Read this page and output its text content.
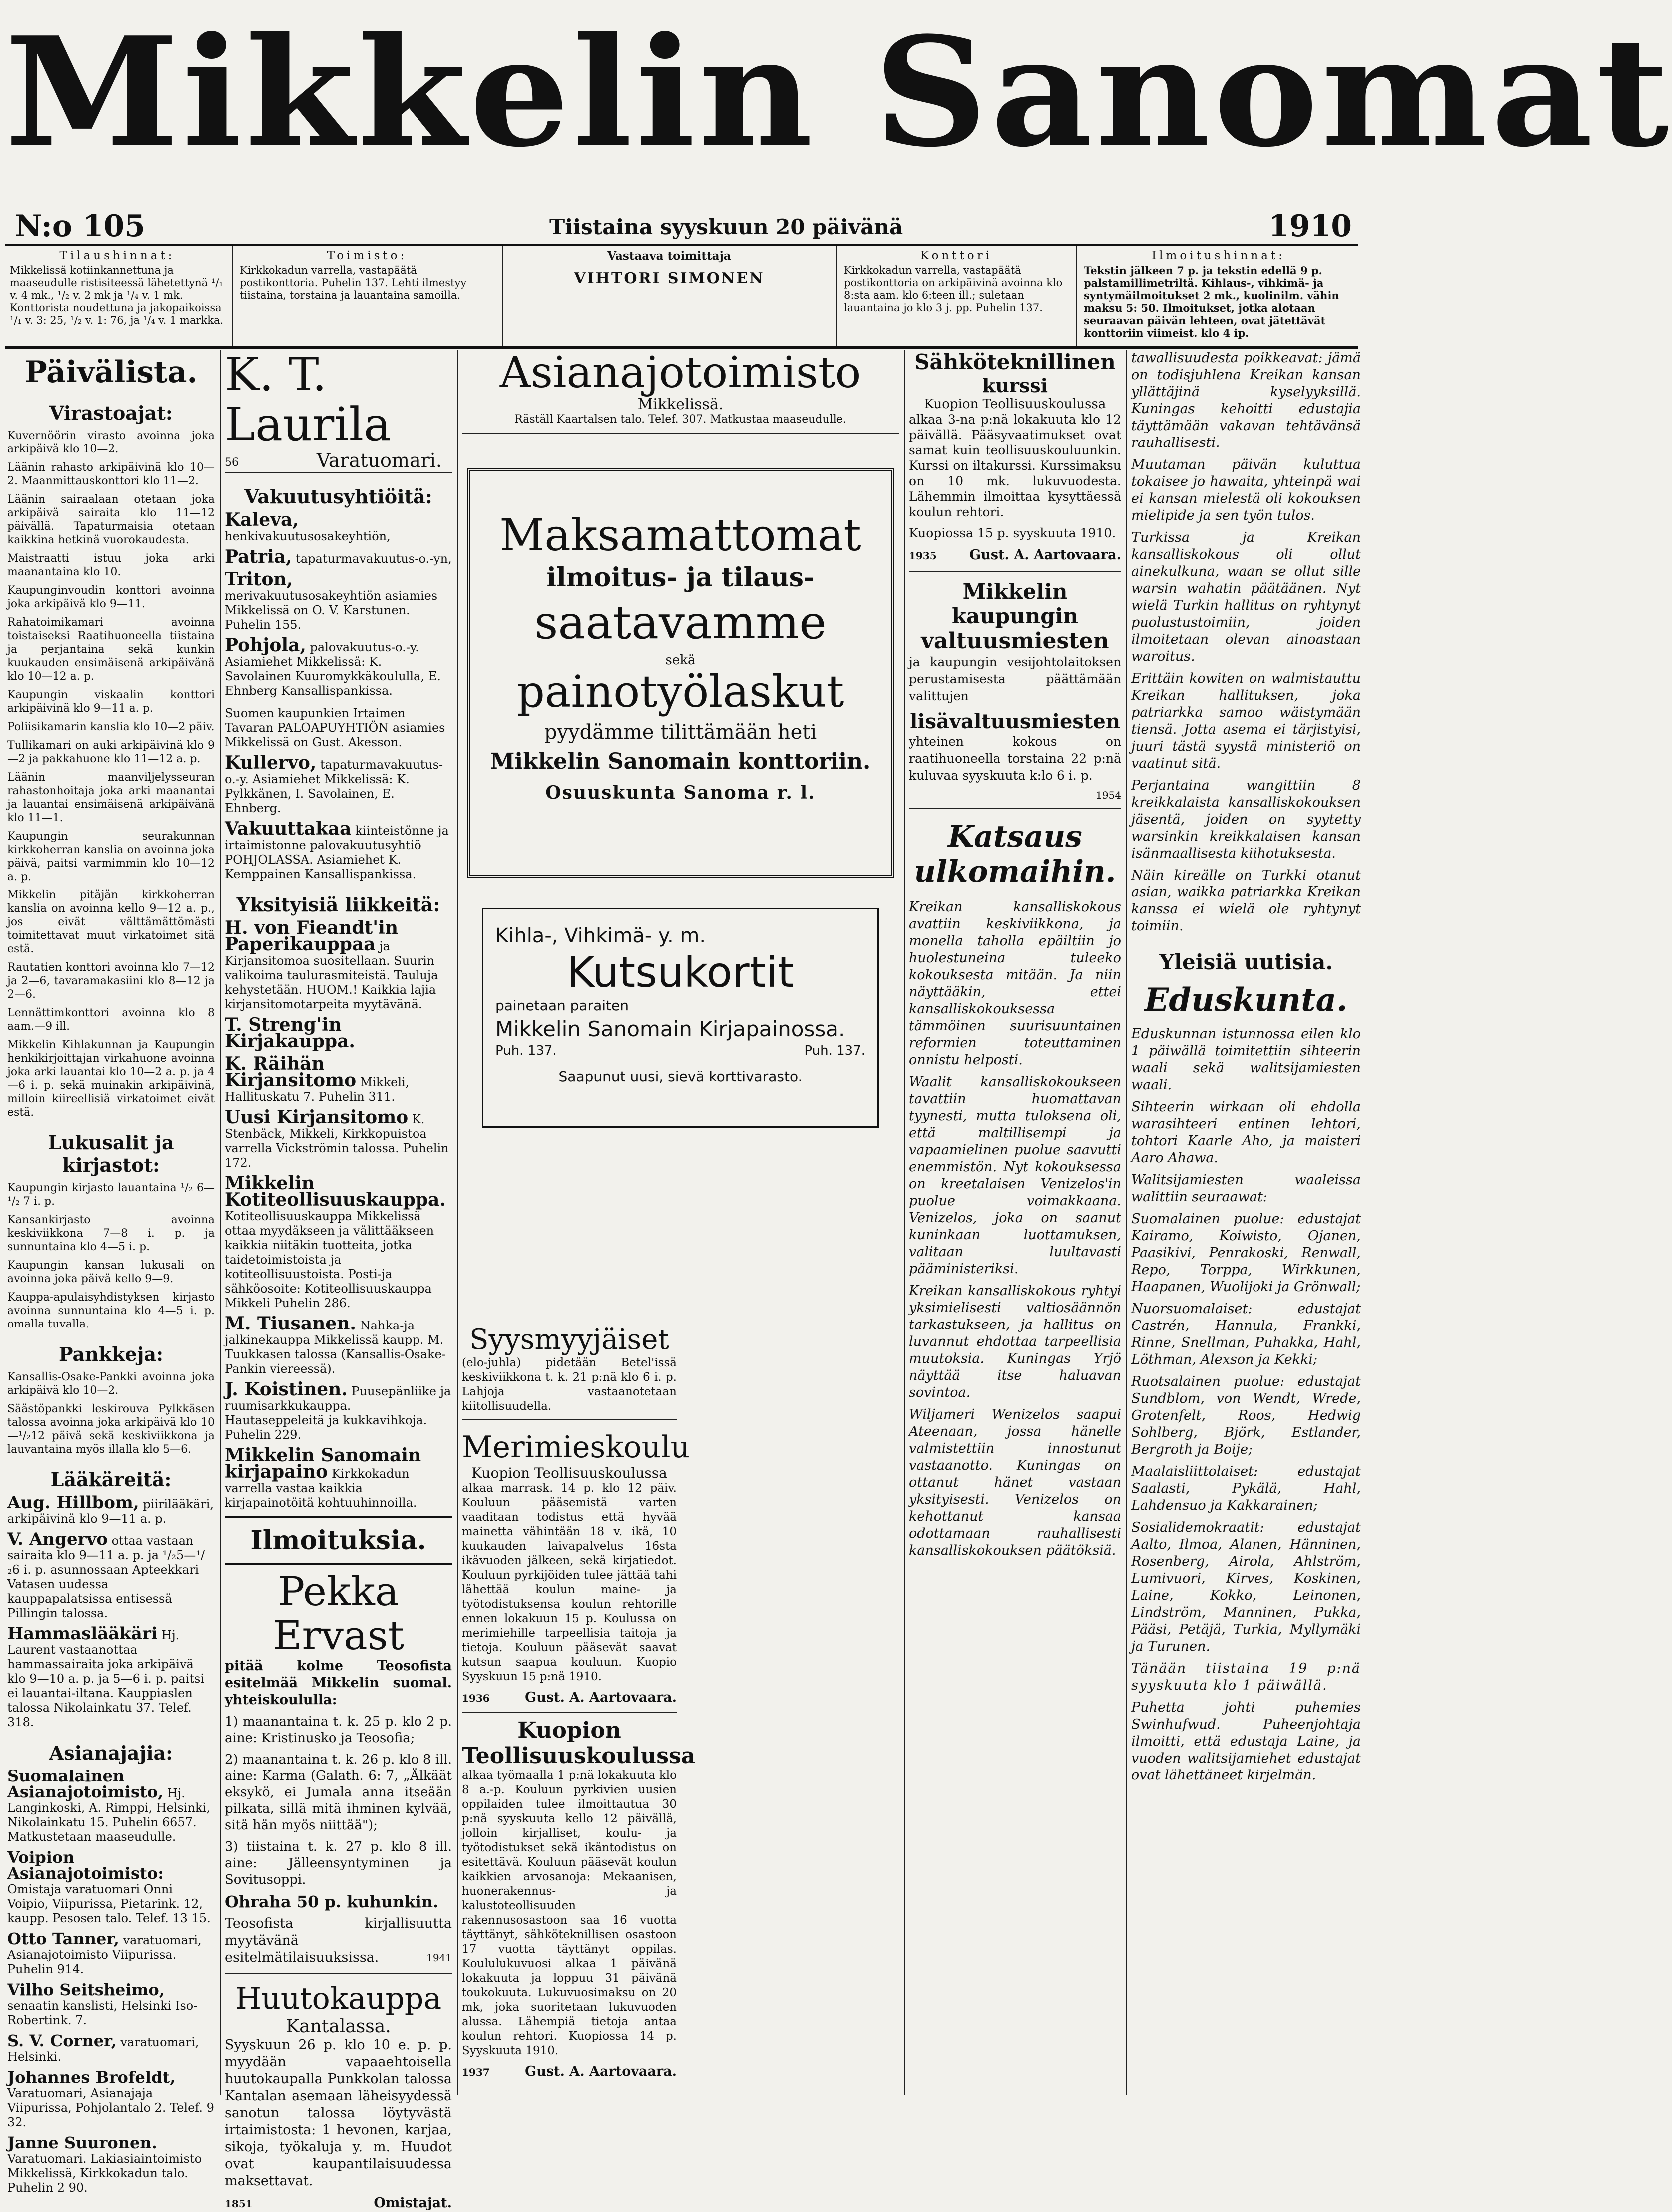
Mikkelin Sanomat
N:o 105	Tiistaina syyskuun 20 päivänä	1910
Tilaushinnat:
Mikkelissä kotiinkannettuna ja maaseudulle ristisiteessä lähetettynä ¹/₁ v. 4 mk., ¹/₂ v. 2 mk ja ¹/₄ v. 1 mk. Konttorista noudettuna ja jakopaikoissa ¹/₁ v. 3: 25, ¹/₂ v. 1: 76, ja ¹/₄ v. 1 markka.
Toimisto:
Kirkkokadun varrella, vastapäätä postikonttoria. Puhelin 137. Lehti ilmestyy tiistaina, torstaina ja lauantaina samoilla.
Vastaava toimittaja
VIHTORI SIMONEN
Konttori
Kirkkokadun varrella, vastapäätä postikonttoria on arkipäivinä avoinna klo 8:sta aam. klo 6:teen ill.; suletaan lauantaina jo klo 3 j. pp. Puhelin 137.
Ilmoitushinnat:
Tekstin jälkeen 7 p. ja tekstin edellä 9 p. palstamillimetriltä. Kihlaus-, vihkimä- ja syntymäilmoitukset 2 mk., kuolinilm. vähin maksu 5: 50. Ilmoitukset, jotka alotaan seuraavan päivän lehteen, ovat jätettävät konttoriin viimeist. klo 4 ip.
Päivälista.
Virastoajat:
Kuvernöörin virasto avoinna joka arkipäivä klo 10—2.
Läänin rahasto arkipäivinä klo 10—2. Maanmittauskonttori klo 11—2.
Läänin sairaalaan otetaan joka arkipäivä sairaita klo 11—12 päivällä. Tapaturmaisia otetaan kaikkina hetkinä vuorokaudesta.
Maistraatti istuu joka arki maanantaina klo 10.
Kaupunginvoudin konttori avoinna joka arkipäivä klo 9—11.
Rahatoimikamari avoinna toistaiseksi Raatihuoneella tiistaina ja perjantaina sekä kunkin kuukauden ensimäisenä arkipäivänä klo 10—12 a. p.
Kaupungin viskaalin konttori arkipäivinä klo 9—11 a. p.
Poliisikamarin kanslia klo 10—2 päiv.
Tullikamari on auki arkipäivinä klo 9—2 ja pakkahuone klo 11—12 a. p.
Läänin maanviljelysseuran rahastonhoitaja joka arki maanantai ja lauantai ensimäisenä arkipäivänä klo 11—1.
Kaupungin seurakunnan kirkkoherran kanslia on avoinna joka päivä, paitsi varmimmin klo 10—12 a. p.
Mikkelin pitäjän kirkkoherran kanslia on avoinna kello 9—12 a. p., jos eivät välttämättömästi toimitettavat muut virkatoimet sitä estä.
Rautatien konttori avoinna klo 7—12 ja 2—6, tavaramakasiini klo 8—12 ja 2—6.
Lennättimkonttori avoinna klo 8 aam.—9 ill.
Mikkelin Kihlakunnan ja Kaupungin henkikirjoittajan virkahuone avoinna joka arki lauantai klo 10—2 a. p. ja 4—6 i. p. sekä muinakin arkipäivinä, milloin kiireellisiä virkatoimet eivät estä.
Lukusalit ja kirjastot:
Kaupungin kirjasto lauantaina ¹/₂ 6—¹/₂ 7 i. p.
Kansankirjasto avoinna keskiviikkona 7—8 i. p. ja sunnuntaina klo 4—5 i. p.
Kaupungin kansan lukusali on avoinna joka päivä kello 9—9.
Kauppa-apulaisyhdistyksen kirjasto avoinna sunnuntaina klo 4—5 i. p. omalla tuvalla.
Pankkeja:
Kansallis-Osake-Pankki avoinna joka arkipäivä klo 10—2.
Säästöpankki leskirouva Pylkkäsen talossa avoinna joka arkipäivä klo 10—¹/₂12 päivä sekä keskiviikkona ja lauvantaina myös illalla klo 5—6.
Lääkäreitä:
Aug. Hillbom, piirilääkäri, arkipäivinä klo 9—11 a. p.
V. Angervo ottaa vastaan sairaita klo 9—11 a. p. ja ¹/₂5—¹/₂6 i. p. asunnossaan Apteekkari Vatasen uudessa kauppapalatsissa entisessä Pillingin talossa.
Hammaslääkäri Hj. Laurent vastaanottaa hammassairaita joka arkipäivä klo 9—10 a. p. ja 5—6 i. p. paitsi ei lauantai-iltana. Kauppiaslen talossa Nikolainkatu 37. Telef. 318.
Asianajajia:
Suomalainen Asianajotoimisto, Hj. Langinkoski, A. Rimppi, Helsinki, Nikolainkatu 15. Puhelin 6657. Matkustetaan maaseudulle.
Voipion Asianajotoimisto: Omistaja varatuomari Onni Voipio, Viipurissa, Pietarink. 12, kaupp. Pesosen talo. Telef. 13 15.
Otto Tanner, varatuomari, Asianajotoimisto Viipurissa. Puhelin 914.
Vilho Seitsheimo, senaatin kanslisti, Helsinki Iso-Robertink. 7.
S. V. Corner, varatuomari, Helsinki.
Johannes Brofeldt, Varatuomari, Asianajaja Viipurissa, Pohjolantalo 2. Telef. 9 32.
Janne Suuronen. Varatuomari. Lakiasiaintoimisto Mikkelissä, Kirkkokadun talo. Puhelin 2 90.
K. T. Laurila
56	Varatuomari.
Vakuutusyhtiöitä:
Kaleva, henkivakuutusosakeyhtiön,
Patria, tapaturmavakuutus-o.-yn,
Triton, merivakuutusosakeyhtiön asiamies Mikkelissä on O. V. Karstunen. Puhelin 155.
Pohjola, palovakuutus-o.-y. Asiamiehet Mikkelissä: K. Savolainen Kuuromykkäkoululla, E. Ehnberg Kansallispankissa.
Suomen kaupunkien Irtaimen Tavaran PALOAPUYHTIÖN asiamies Mikkelissä on Gust. Akesson.
Kullervo, tapaturmavakuutus-o.-y. Asiamiehet Mikkelissä: K. Pylkkänen, I. Savolainen, E. Ehnberg.
Vakuuttakaa kiinteistönne ja irtaimistonne palovakuutusyhtiö POHJOLASSA. Asiamiehet K. Kemppainen Kansallispankissa.
Yksityisiä liikkeitä:
H. von Fieandt'in Paperikauppaa ja Kirjansitomoa suositellaan. Suurin valikoima taulurasmiteistä. Tauluja kehystetään. HUOM.! Kaikkia lajia kirjansitomotarpeita myytävänä.
T. Streng'in Kirjakauppa.
K. Räihän Kirjansitomo Mikkeli, Hallituskatu 7. Puhelin 311.
Uusi Kirjansitomo K. Stenbäck, Mikkeli, Kirkkopuistoa varrella Vickströmin talossa. Puhelin 172.
Mikkelin Kotiteollisuuskauppa. Kotiteollisuuskauppa Mikkelissä ottaa myydäkseen ja välittääkseen kaikkia niitäkin tuotteita, jotka taidetoimistoista ja kotiteollisuustoista. Posti-ja sähköosoite: Kotiteollisuuskauppa Mikkeli Puhelin 286.
M. Tiusanen. Nahka-ja jalkinekauppa Mikkelissä kaupp. M. Tuukkasen talossa (Kansallis-Osake-Pankin viereessä).
J. Koistinen. Puusepänliike ja ruumisarkkukauppa. Hautaseppeleitä ja kukkavihkoja. Puhelin 229.
Mikkelin Sanomain kirjapaino Kirkkokadun varrella vastaa kaikkia kirjapainotöitä kohtuuhinnoilla.
Ilmoituksia.
Pekka Ervast
pitää kolme Teosofista esitelmää Mikkelin suomal. yhteiskoululla:
1) maanantaina t. k. 25 p. klo 2 p. aine: Kristinusko ja Teosofia;
2) maanantaina t. k. 26 p. klo 8 ill. aine: Karma (Galath. 6: 7, „Älkäät eksykö, ei Jumala anna itseään pilkata, sillä mitä ihminen kylvää, sitä hän myös niittää");
3) tiistaina t. k. 27 p. klo 8 ill. aine: Jälleensyntyminen ja Sovitusoppi.
Ohraha 50 p. kuhunkin.
Teosofista kirjallisuutta myytävänä esitelmätilaisuuksissa.	1941
Huutokauppa
Kantalassa.
Syyskuun 26 p. klo 10 e. p. p. myydään vapaaehtoisella huutokaupalla Punkkolan talossa Kantalan asemaan läheisyydessä sanotun talossa löytyvästä irtaimistosta: 1 hevonen, karjaa, sikoja, työkaluja y. m. Huudot ovat kaupantilaisuudessa maksettavat.
1851	Omistajat.
Asianajotoimisto
Mikkelissä.
Räställ Kaartalsen talo. Telef. 307. Matkustaa maaseudulle.
Maksamattomat
ilmoitus- ja tilaus-
saatavamme
sekä
painotyölaskut
pyydämme tilittämään heti
Mikkelin Sanomain konttoriin.
Osuuskunta Sanoma r. l.
Kihla-, Vihkimä- y. m.
Kutsukortit
painetaan paraiten
Mikkelin Sanomain Kirjapainossa.
Puh. 137.	Puh. 137.
Saapunut uusi, sievä korttivarasto.
Syysmyyjäiset
(elo-juhla) pidetään Betel'issä keskiviikkona t. k. 21 p:nä klo 6 i. p. Lahjoja vastaanotetaan kiitollisuudella.
Merimieskoulu
Kuopion Teollisuuskoulussa
alkaa marrask. 14 p. klo 12 päiv. Kouluun pääsemistä varten vaaditaan todistus että hyvää mainetta vähintään 18 v. ikä, 10 kuukauden laivapalvelus 16sta ikävuoden jälkeen, sekä kirjatiedot. Kouluun pyrkijöiden tulee jättää tahi lähettää koulun maine- ja työtodistuksensa koulun rehtorille ennen lokakuun 15 p. Koulussa on merimiehille tarpeellisia taitoja ja tietoja. Kouluun pääsevät saavat kutsun saapua kouluun. Kuopio Syyskuun 15 p:nä 1910.
1936	Gust. A. Aartovaara.
Kuopion Teollisuuskoulussa
alkaa työmaalla 1 p:nä lokakuuta klo 8 a.-p. Kouluun pyrkivien uusien oppilaiden tulee ilmoittautua 30 p:nä syyskuuta kello 12 päivällä, jolloin kirjalliset, koulu- ja työtodistukset sekä ikäntodistus on esitettävä. Kouluun pääsevät koulun kaikkien arvosanoja: Mekaanisen, huonerakennus- ja kalustoteollisuuden rakennusosastoon saa 16 vuotta täyttänyt, sähköteknillisen osastoon 17 vuotta täyttänyt oppilas. Koululukuvuosi alkaa 1 päivänä lokakuuta ja loppuu 31 päivänä toukokuuta. Lukuvuosimaksu on 20 mk, joka suoritetaan lukuvuoden alussa. Lähempiä tietoja antaa koulun rehtori. Kuopiossa 14 p. Syyskuuta 1910.
1937	Gust. A. Aartovaara.
Sähköteknillinen
kurssi
Kuopion Teollisuuskoulussa
alkaa 3-na p:nä lokakuuta klo 12 päivällä. Pääsyvaatimukset ovat samat kuin teollisuuskouluunkin. Kurssi on iltakurssi. Kurssimaksu on 10 mk. lukuvuodesta. Lähemmin ilmoittaa kysyttäessä koulun rehtori.
Kuopiossa 15 p. syyskuuta 1910.
1935 Gust. A. Aartovaara.
Mikkelin kaupungin
valtuusmiesten
ja kaupungin vesijohtolaitoksen perustamisesta päättämään valittujen
lisävaltuusmiesten
yhteinen kokous on raatihuoneella torstaina 22 p:nä kuluvaa syyskuuta k:lo 6 i. p.
1954
Katsaus ulkomaihin.
Kreikan kansalliskokous avattiin keskiviikkona, ja monella taholla epäiltiin jo huolestuneina tuleeko kokouksesta mitään. Ja niin näyttääkin, ettei kansalliskokouksessa tämmöinen suurisuuntainen reformien toteuttaminen onnistu helposti.
Waalit kansalliskokoukseen tavattiin huomattavan tyynesti, mutta tuloksena oli, että maltillisempi ja vapaamielinen puolue saavutti enemmistön. Nyt kokouksessa on kreetalaisen Venizelos'in puolue voimakkaana. Venizelos, joka on saanut kuninkaan luottamuksen, valitaan luultavasti pääministeriksi.
Kreikan kansalliskokous ryhtyi yksimielisesti valtiosäännön tarkastukseen, ja hallitus on luvannut ehdottaa tarpeellisia muutoksia. Kuningas Yrjö näyttää itse haluavan sovintoa.
Wiljameri Wenizelos saapui Ateenaan, jossa hänelle valmistettiin innostunut vastaanotto. Kuningas on ottanut hänet vastaan yksityisesti. Venizelos on kehottanut kansaa odottamaan rauhallisesti kansalliskokouksen päätöksiä.
tawallisuudesta poikkeavat: jämä on todisjuhlena Kreikan kansan yllättäjinä kyselyyksillä. Kuningas kehoitti edustajia täyttämään vakavan tehtävänsä rauhallisesti.
Muutaman päivän kuluttua tokaisee jo hawaita, yhteinpä wai ei kansan mielestä oli kokouksen mielipide ja sen työn tulos.
Turkissa ja Kreikan kansalliskokous oli ollut ainekulkuna, waan se ollut sille warsin wahatin päätäänen. Nyt wielä Turkin hallitus on ryhtynyt puolustustoimiin, joiden ilmoitetaan olevan ainoastaan waroitus.
Erittäin kowiten on walmistauttu Kreikan hallituksen, joka patriarkka samoo wäistymään tiensä. Jotta asema ei tärjistyisi, juuri tästä syystä ministeriö on vaatinut sitä.
Perjantaina wangittiin 8 kreikkalaista kansalliskokouksen jäsentä, joiden on syytetty warsinkin kreikkalaisen kansan isänmaallisesta kiihotuksesta.
Näin kireälle on Turkki otanut asian, waikka patriarkka Kreikan kanssa ei wielä ole ryhtynyt toimiin.
Yleisiä uutisia.
Eduskunta.
Eduskunnan istunnossa eilen klo 1 päiwällä toimitettiin sihteerin waali sekä walitsijamiesten waali.
Sihteerin wirkaan oli ehdolla warasihteeri entinen lehtori, tohtori Kaarle Aho, ja maisteri Aaro Ahawa.
Walitsijamiesten waaleissa walittiin seuraawat:
Suomalainen puolue: edustajat Kairamo, Koiwisto, Ojanen, Paasikivi, Penrakoski, Renwall, Repo, Torppa, Wirkkunen, Haapanen, Wuolijoki ja Grönwall;
Nuorsuomalaiset: edustajat Castrén, Hannula, Frankki, Rinne, Snellman, Puhakka, Hahl, Löthman, Alexson ja Kekki;
Ruotsalainen puolue: edustajat Sundblom, von Wendt, Wrede, Grotenfelt, Roos, Hedwig Sohlberg, Björk, Estlander, Bergroth ja Boije;
Maalaisliittolaiset: edustajat Saalasti, Pykälä, Hahl, Lahdensuo ja Kakkarainen;
Sosialidemokraatit: edustajat Aalto, Ilmoa, Alanen, Hänninen, Rosenberg, Airola, Ahlström, Lumivuori, Kirves, Koskinen, Laine, Kokko, Leinonen, Lindström, Manninen, Pukka, Pääsi, Petäjä, Turkia, Myllymäki ja Turunen.
Tänään tiistaina 19 p:nä syyskuuta klo 1 päiwällä.
Puhetta johti puhemies Swinhufwud. Puheenjohtaja ilmoitti, että edustaja Laine, ja vuoden walitsijamiehet edustajat ovat lähettäneet kirjelmän.
